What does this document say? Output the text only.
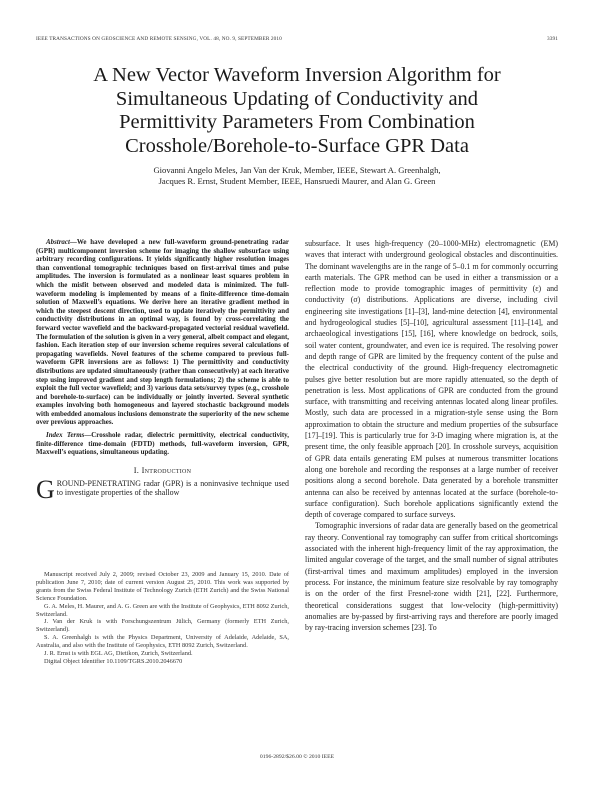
IEEE TRANSACTIONS ON GEOSCIENCE AND REMOTE SENSING, VOL. 48, NO. 9, SEPTEMBER 2010	3391
A New Vector Waveform Inversion Algorithm for
Simultaneous Updating of Conductivity and
Permittivity Parameters From Combination
Crosshole/Borehole-to-Surface GPR Data
Giovanni Angelo Meles, Jan Van der Kruk, Member, IEEE, Stewart A. Greenhalgh,
Jacques R. Ernst, Student Member, IEEE, Hansruedi Maurer, and Alan G. Green

Abstract—We have developed a new full-waveform ground-penetrating radar (GPR) multicomponent inversion scheme for imaging the shallow subsurface using arbitrary recording configurations. It yields significantly higher resolution images than conventional tomographic techniques based on first-arrival times and pulse amplitudes. The inversion is formulated as a nonlinear least squares problem in which the misfit between observed and modeled data is minimized. The full-waveform modeling is implemented by means of a finite-difference time-domain solution of Maxwell’s equations. We derive here an iterative gradient method in which the steepest descent direction, used to update iteratively the permittivity and conductivity distributions in an optimal way, is found by cross-correlating the forward vector wavefield and the backward-propagated vectorial residual wavefield. The formulation of the solution is given in a very general, albeit compact and elegant, fashion. Each iteration step of our inversion scheme requires several calculations of propagating wavefields. Novel features of the scheme compared to previous full-waveform GPR inversions are as follows: 1) The permittivity and conductivity distributions are updated simultaneously (rather than consecutively) at each iterative step using improved gradient and step length formulations; 2) the scheme is able to exploit the full vector wavefield; and 3) various data sets/survey types (e.g., crosshole and borehole-to-surface) can be individually or jointly inverted. Several synthetic examples involving both homogeneous and layered stochastic background models with embedded anomalous inclusions demonstrate the superiority of the new scheme over previous approaches.

Index Terms—Crosshole radar, dielectric permittivity, electrical conductivity, finite-difference time-domain (FDTD) methods, full-waveform inversion, GPR, Maxwell’s equations, simultaneous updating.

I. Introduction

GROUND-PENETRATING radar (GPR) is a noninvasive technique used to investigate properties of the shallow

Manuscript received July 2, 2009; revised October 23, 2009 and January 15, 2010. Date of publication June 7, 2010; date of current version August 25, 2010. This work was supported by grants from the Swiss Federal Institute of Technology Zurich (ETH Zurich) and the Swiss National Science Foundation.

G. A. Meles, H. Maurer, and A. G. Green are with the Institute of Geophysics, ETH 8092 Zurich, Switzerland.

J. Van der Kruk is with Forschungszentrum Jülich, Germany (formerly ETH Zurich, Switzerland).

S. A. Greenhalgh is with the Physics Department, University of Adelaide, Adelaide, SA, Australia, and also with the Institute of Geophysics, ETH 8092 Zurich, Switzerland.

J. R. Ernst is with EGL AG, Dietikon, Zurich, Switzerland.

Digital Object Identifier 10.1109/TGRS.2010.2046670

subsurface. It uses high-frequency (20–1000-MHz) electromagnetic (EM) waves that interact with underground geological obstacles and discontinuities. The dominant wavelengths are in the range of 5–0.1 m for commonly occurring earth materials. The GPR method can be used in either a transmission or a reflection mode to provide tomographic images of permittivity (ε) and conductivity (σ) distributions. Applications are diverse, including civil engineering site investigations [1]–[3], land-mine detection [4], environmental and hydrogeological studies [5]–[10], agricultural assessment [11]–[14], and archaeological investigations [15], [16], where knowledge on bedrock, soils, soil water content, groundwater, and even ice is required. The resolving power and depth range of GPR are limited by the frequency content of the pulse and the electrical conductivity of the ground. High-frequency electromagnetic pulses give better resolution but are more rapidly attenuated, so the depth of penetration is less. Most applications of GPR are conducted from the ground surface, with transmitting and receiving antennas located along linear profiles. Mostly, such data are processed in a migration-style sense using the Born approximation to obtain the structure and medium properties of the subsurface [17]–[19]. This is particularly true for 3-D imaging where migration is, at the present time, the only feasible approach [20]. In crosshole surveys, acquisition of GPR data entails generating EM pulses at numerous transmitter locations along one borehole and recording the responses at a large number of receiver positions along a second borehole. Data generated by a borehole transmitter antenna can also be received by antennas located at the surface (borehole-to-surface configuration). Such borehole applications significantly extend the depth of coverage compared to surface surveys.

Tomographic inversions of radar data are generally based on the geometrical ray theory. Conventional ray tomography can suffer from critical shortcomings associated with the inherent high-frequency limit of the ray approximation, the limited angular coverage of the target, and the small number of signal attributes (first-arrival times and maximum amplitudes) employed in the inversion process. For instance, the minimum feature size resolvable by ray tomography is on the order of the first Fresnel-zone width [21], [22]. Furthermore, theoretical considerations suggest that low-velocity (high-permittivity) anomalies are by-passed by first-arriving rays and therefore are poorly imaged by ray-tracing inversion schemes [23]. To

0196-2892/$26.00 © 2010 IEEE
